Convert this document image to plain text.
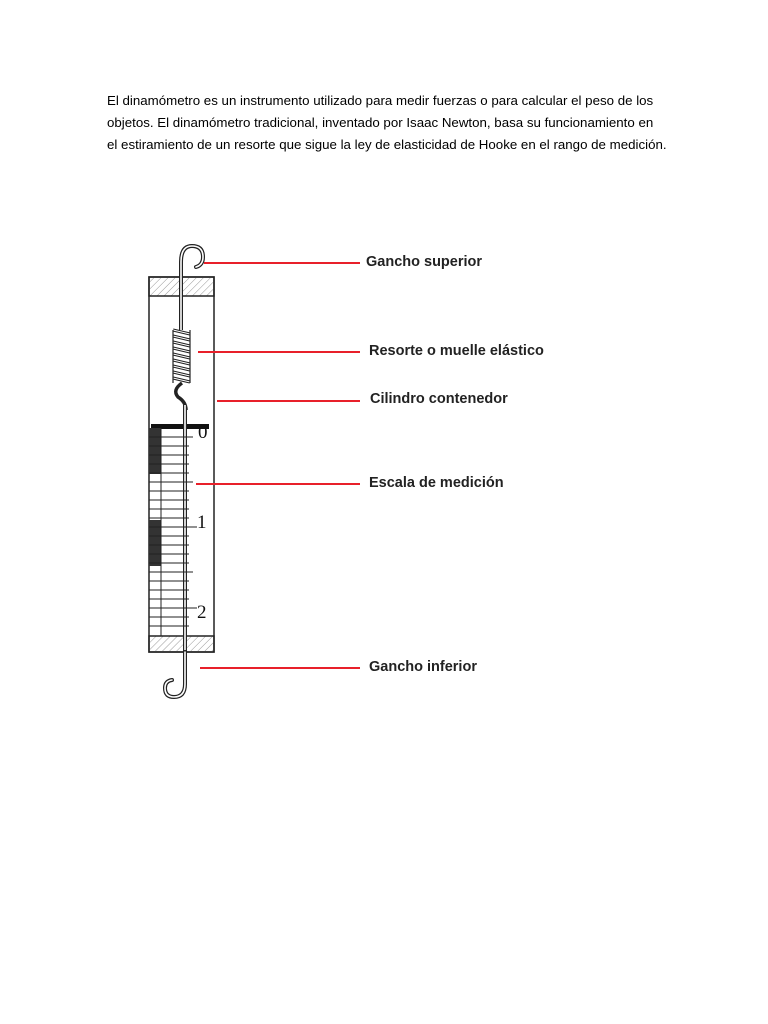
El dinamómetro es un instrumento utilizado para medir fuerzas o para calcular el peso de los objetos. El dinamómetro tradicional, inventado por Isaac Newton, basa su funcionamiento en el estiramiento de un resorte que sigue la ley de elasticidad de Hooke en el rango de medición.

0
1
2
Gancho superior
Resorte o muelle elástico
Cilindro contenedor
Escala de medición
Gancho inferior
